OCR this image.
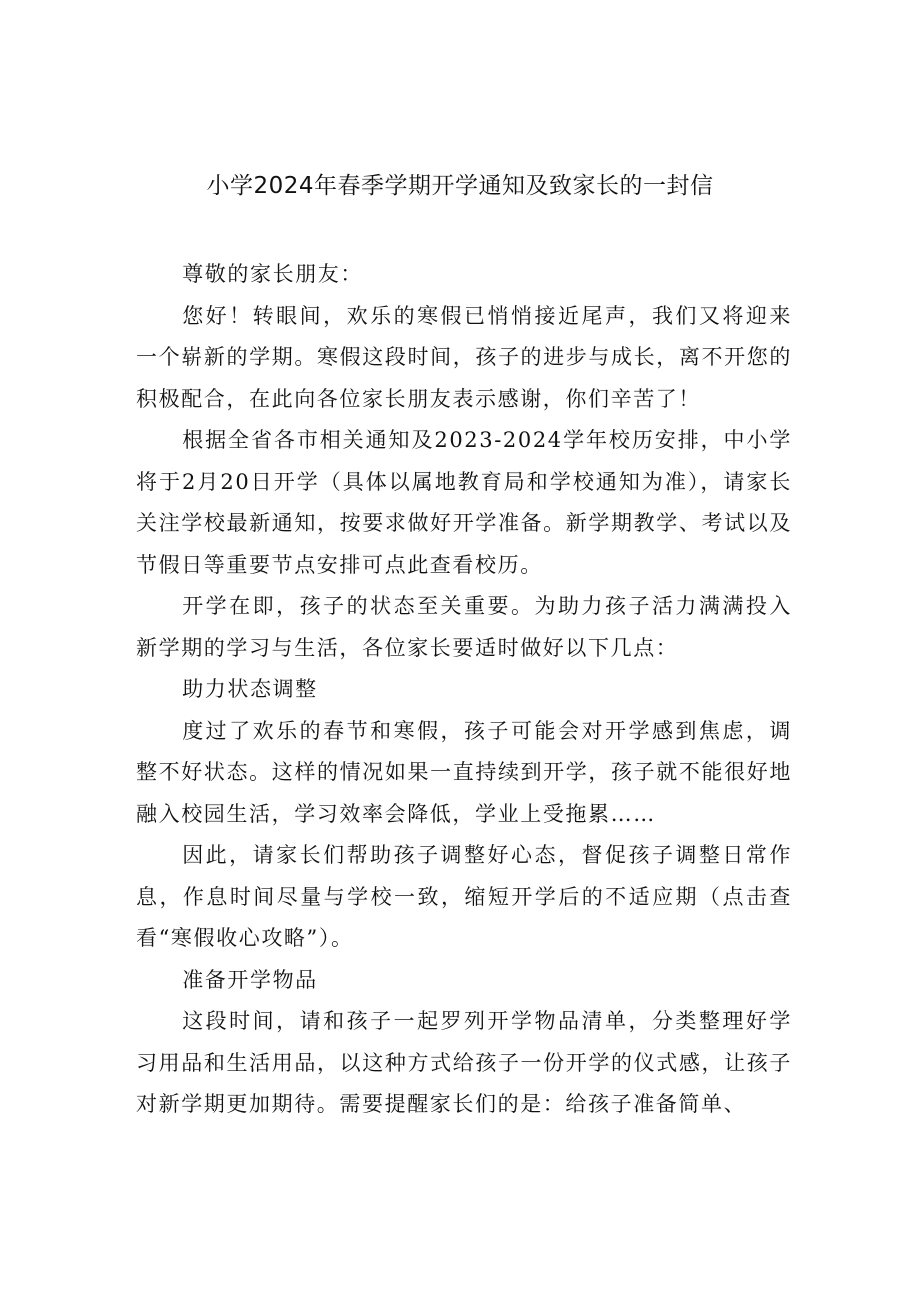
小学2024年春季学期开学通知及致家长的一封信

尊敬的家长朋友：

您好！转眼间，欢乐的寒假已悄悄接近尾声，我们又将迎来一个崭新的学期。寒假这段时间，孩子的进步与成长，离不开您的积极配合，在此向各位家长朋友表示感谢，你们辛苦了！

根据全省各市相关通知及2023-2024学年校历安排，中小学将于2月20日开学（具体以属地教育局和学校通知为准），请家长关注学校最新通知，按要求做好开学准备。新学期教学、考试以及节假日等重要节点安排可点此查看校历。

开学在即，孩子的状态至关重要。为助力孩子活力满满投入新学期的学习与生活，各位家长要适时做好以下几点：

助力状态调整

度过了欢乐的春节和寒假，孩子可能会对开学感到焦虑，调整不好状态。这样的情况如果一直持续到开学，孩子就不能很好地融入校园生活，学习效率会降低，学业上受拖累……

因此，请家长们帮助孩子调整好心态，督促孩子调整日常作息，作息时间尽量与学校一致，缩短开学后的不适应期（点击查看“寒假收心攻略”）。

准备开学物品

这段时间，请和孩子一起罗列开学物品清单，分类整理好学习用品和生活用品，以这种方式给孩子一份开学的仪式感，让孩子对新学期更加期待。需要提醒家长们的是：给孩子准备简单、
